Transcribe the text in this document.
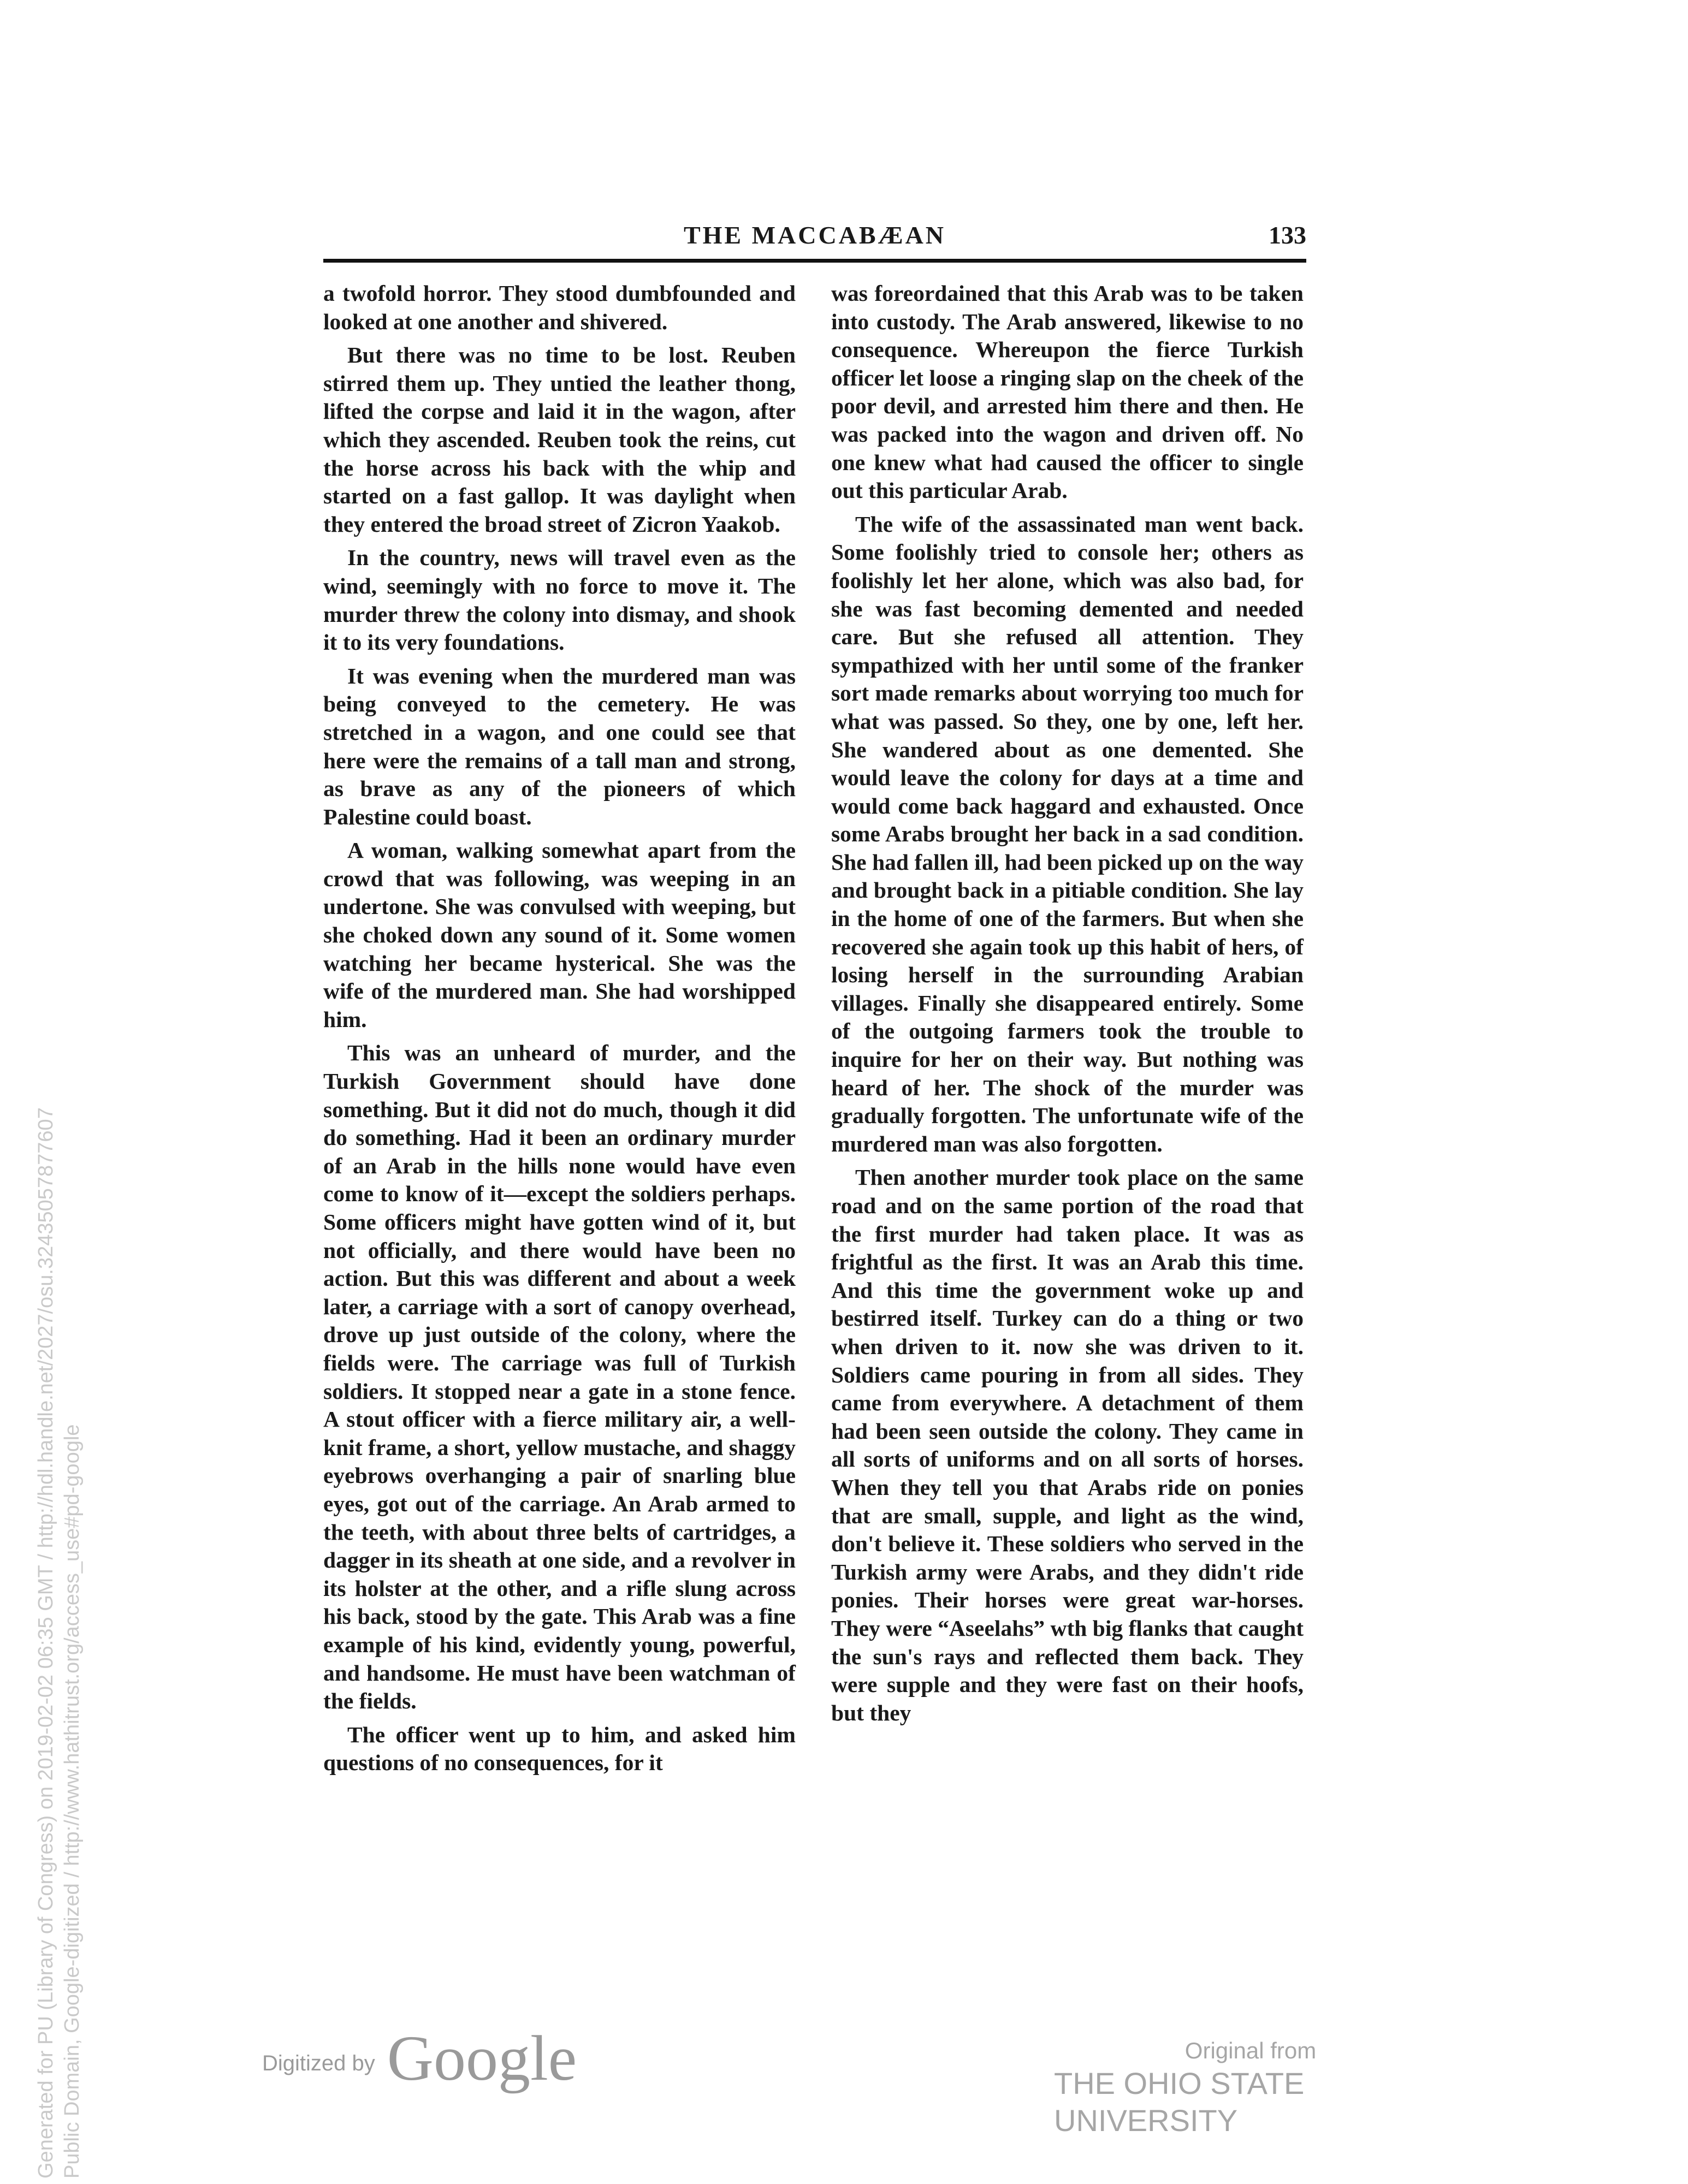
THE MACCABÆAN	133

a twofold horror. They stood dumbfounded and looked at one another and shivered.

But there was no time to be lost. Reuben stirred them up. They untied the leather thong, lifted the corpse and laid it in the wagon, after which they ascended. Reuben took the reins, cut the horse across his back with the whip and started on a fast gallop. It was daylight when they entered the broad street of Zicron Yaakob.

In the country, news will travel even as the wind, seemingly with no force to move it. The murder threw the colony into dismay, and shook it to its very foundations.

It was evening when the murdered man was being conveyed to the cemetery. He was stretched in a wagon, and one could see that here were the remains of a tall man and strong, as brave as any of the pioneers of which Palestine could boast.

A woman, walking somewhat apart from the crowd that was following, was weeping in an undertone. She was convulsed with weeping, but she choked down any sound of it. Some women watching her became hysterical. She was the wife of the murdered man. She had worshipped him.

This was an unheard of murder, and the Turkish Government should have done something. But it did not do much, though it did do something. Had it been an ordinary murder of an Arab in the hills none would have even come to know of it—except the soldiers perhaps. Some officers might have gotten wind of it, but not officially, and there would have been no action. But this was different and about a week later, a carriage with a sort of canopy overhead, drove up just outside of the colony, where the fields were. The carriage was full of Turkish soldiers. It stopped near a gate in a stone fence. A stout officer with a fierce military air, a well-knit frame, a short, yellow mustache, and shaggy eyebrows overhanging a pair of snarling blue eyes, got out of the carriage. An Arab armed to the teeth, with about three belts of cartridges, a dagger in its sheath at one side, and a revolver in its holster at the other, and a rifle slung across his back, stood by the gate. This Arab was a fine example of his kind, evidently young, powerful, and handsome. He must have been watchman of the fields.

The officer went up to him, and asked him questions of no consequences, for it

was foreordained that this Arab was to be taken into custody. The Arab answered, likewise to no consequence. Whereupon the fierce Turkish officer let loose a ringing slap on the cheek of the poor devil, and arrested him there and then. He was packed into the wagon and driven off. No one knew what had caused the officer to single out this particular Arab.

The wife of the assassinated man went back. Some foolishly tried to console her; others as foolishly let her alone, which was also bad, for she was fast becoming demented and needed care. But she refused all attention. They sympathized with her until some of the franker sort made remarks about worrying too much for what was passed. So they, one by one, left her. She wandered about as one demented. She would leave the colony for days at a time and would come back haggard and exhausted. Once some Arabs brought her back in a sad condition. She had fallen ill, had been picked up on the way and brought back in a pitiable condition. She lay in the home of one of the farmers. But when she recovered she again took up this habit of hers, of losing herself in the surrounding Arabian villages. Finally she disappeared entirely. Some of the outgoing farmers took the trouble to inquire for her on their way. But nothing was heard of her. The shock of the murder was gradually forgotten. The unfortunate wife of the murdered man was also forgotten.

Then another murder took place on the same road and on the same portion of the road that the first murder had taken place. It was as frightful as the first. It was an Arab this time. And this time the government woke up and bestirred itself. Turkey can do a thing or two when driven to it. now she was driven to it. Soldiers came pouring in from all sides. They came from everywhere. A detachment of them had been seen outside the colony. They came in all sorts of uniforms and on all sorts of horses. When they tell you that Arabs ride on ponies that are small, supple, and light as the wind, don't believe it. These soldiers who served in the Turkish army were Arabs, and they didn't ride ponies. Their horses were great war-horses. They were “Aseelahs” wth big flanks that caught the sun's rays and reflected them back. They were supple and they were fast on their hoofs, but they

Generated for PU (Library of Congress) on 2019-02-02 06:35 GMT / http://hdl.handle.net/2027/osu.32435057877607 Public Domain, Google-digitized / http://www.hathitrust.org/access_use#pd-google	Digitized by Google	Original from
THE OHIO STATE UNIVERSITY
